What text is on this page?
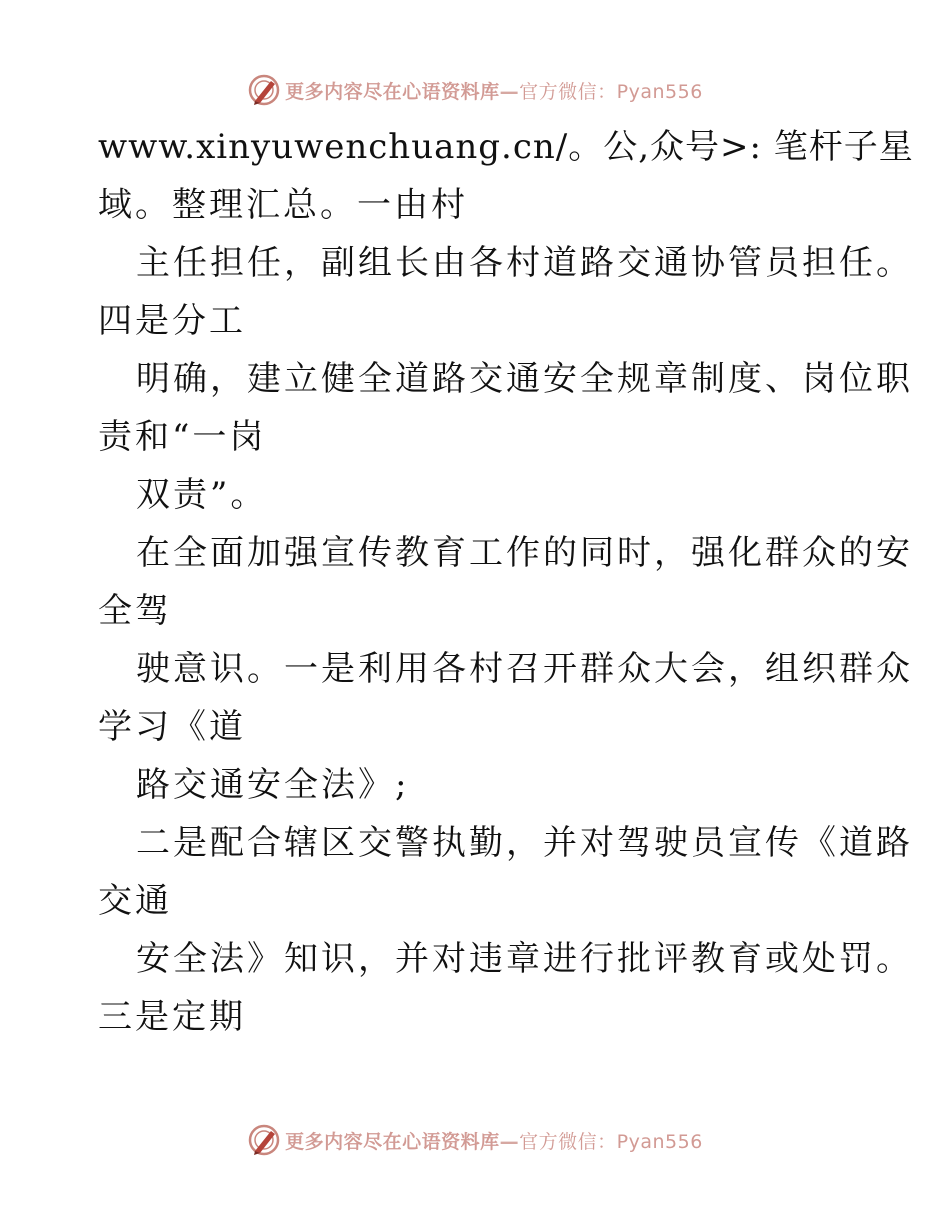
更多内容尽在心语资料库—官方微信：Pyan556
www.xinyuwenchuang.cn/。公,众号>: 笔杆子星
域。整理汇总。一由村
主任担任，副组长由各村道路交通协管员担任。
四是分工
明确，建立健全道路交通安全规章制度、岗位职
责和“一岗
双责”。
在全面加强宣传教育工作的同时，强化群众的安
全驾
驶意识。一是利用各村召开群众大会，组织群众
学习《道
路交通安全法》;
二是配合辖区交警执勤，并对驾驶员宣传《道路
交通
安全法》知识，并对违章进行批评教育或处罚。
三是定期
更多内容尽在心语资料库—官方微信：Pyan556
